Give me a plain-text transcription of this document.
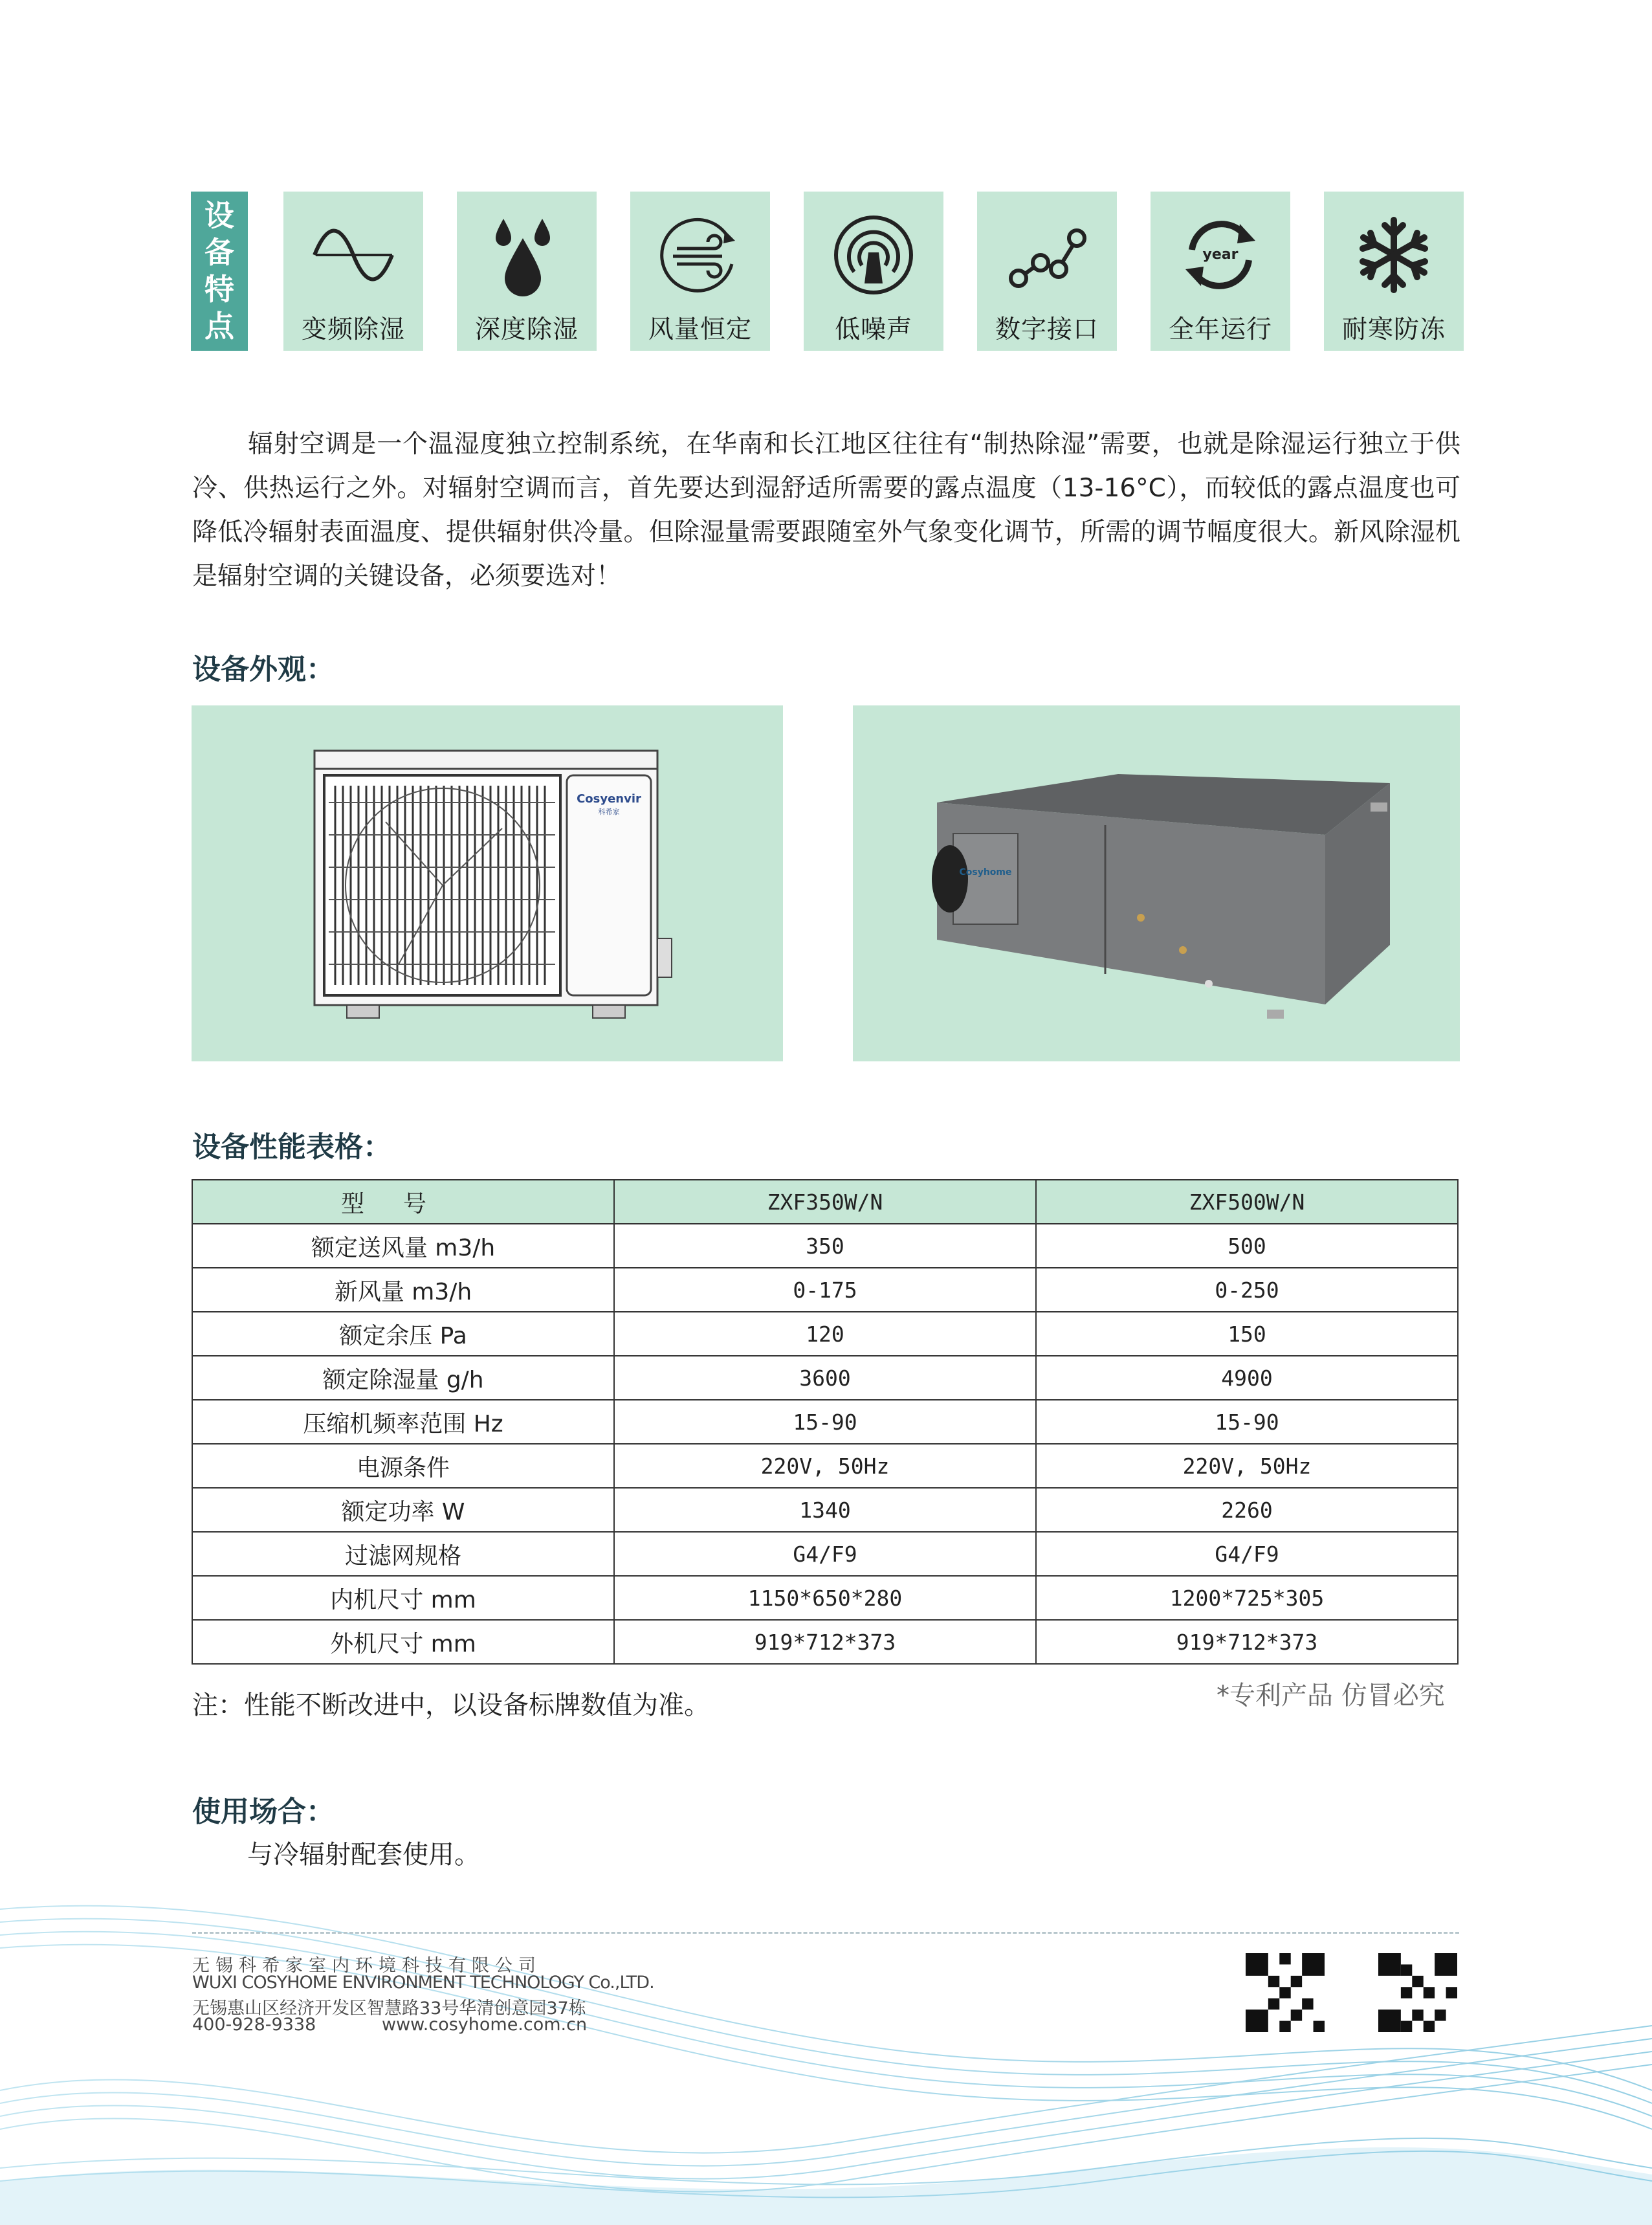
设
备
特
点	变频除湿	深度除湿	风量恒定	低噪声	数字接口
year
全年运行	耐寒防冻

辐射空调是一个温湿度独立控制系统，在华南和长江地区往往有“制热除湿”需要，也就是除湿运行独立于供冷、供热运行之外。对辐射空调而言，首先要达到湿舒适所需要的露点温度（13-16°C），而较低的露点温度也可降低冷辐射表面温度、提供辐射供冷量。但除湿量需要跟随室外气象变化调节，所需的调节幅度很大。新风除湿机是辐射空调的关键设备，必须要选对！

设备外观：
Cosyenvir
科希家
Cosyhome
设备性能表格：
型号	ZXF350W/N	ZXF500W/N
额定送风量 m3/h	350	500
新风量 m3/h	0-175	0-250
额定余压 Pa	120	150
额定除湿量 g/h	3600	4900
压缩机频率范围 Hz	15-90	15-90
电源条件	220V, 50Hz	220V, 50Hz
额定功率 W	1340	2260
过滤网规格	G4/F9	G4/F9
内机尺寸 mm	1150*650*280	1200*725*305
外机尺寸 mm	919*712*373	919*712*373
*专利产品 仿冒必究
注：性能不断改进中，以设备标牌数值为准。
使用场合：
与冷辐射配套使用。
无锡科希家室内环境科技有限公司
WUXI COSYHOME ENVIRONMENT TECHNOLOGY Co.,LTD.
无锡惠山区经济开发区智慧路33号华清创意园37栋
400-928-9338	www.cosyhome.com.cn
